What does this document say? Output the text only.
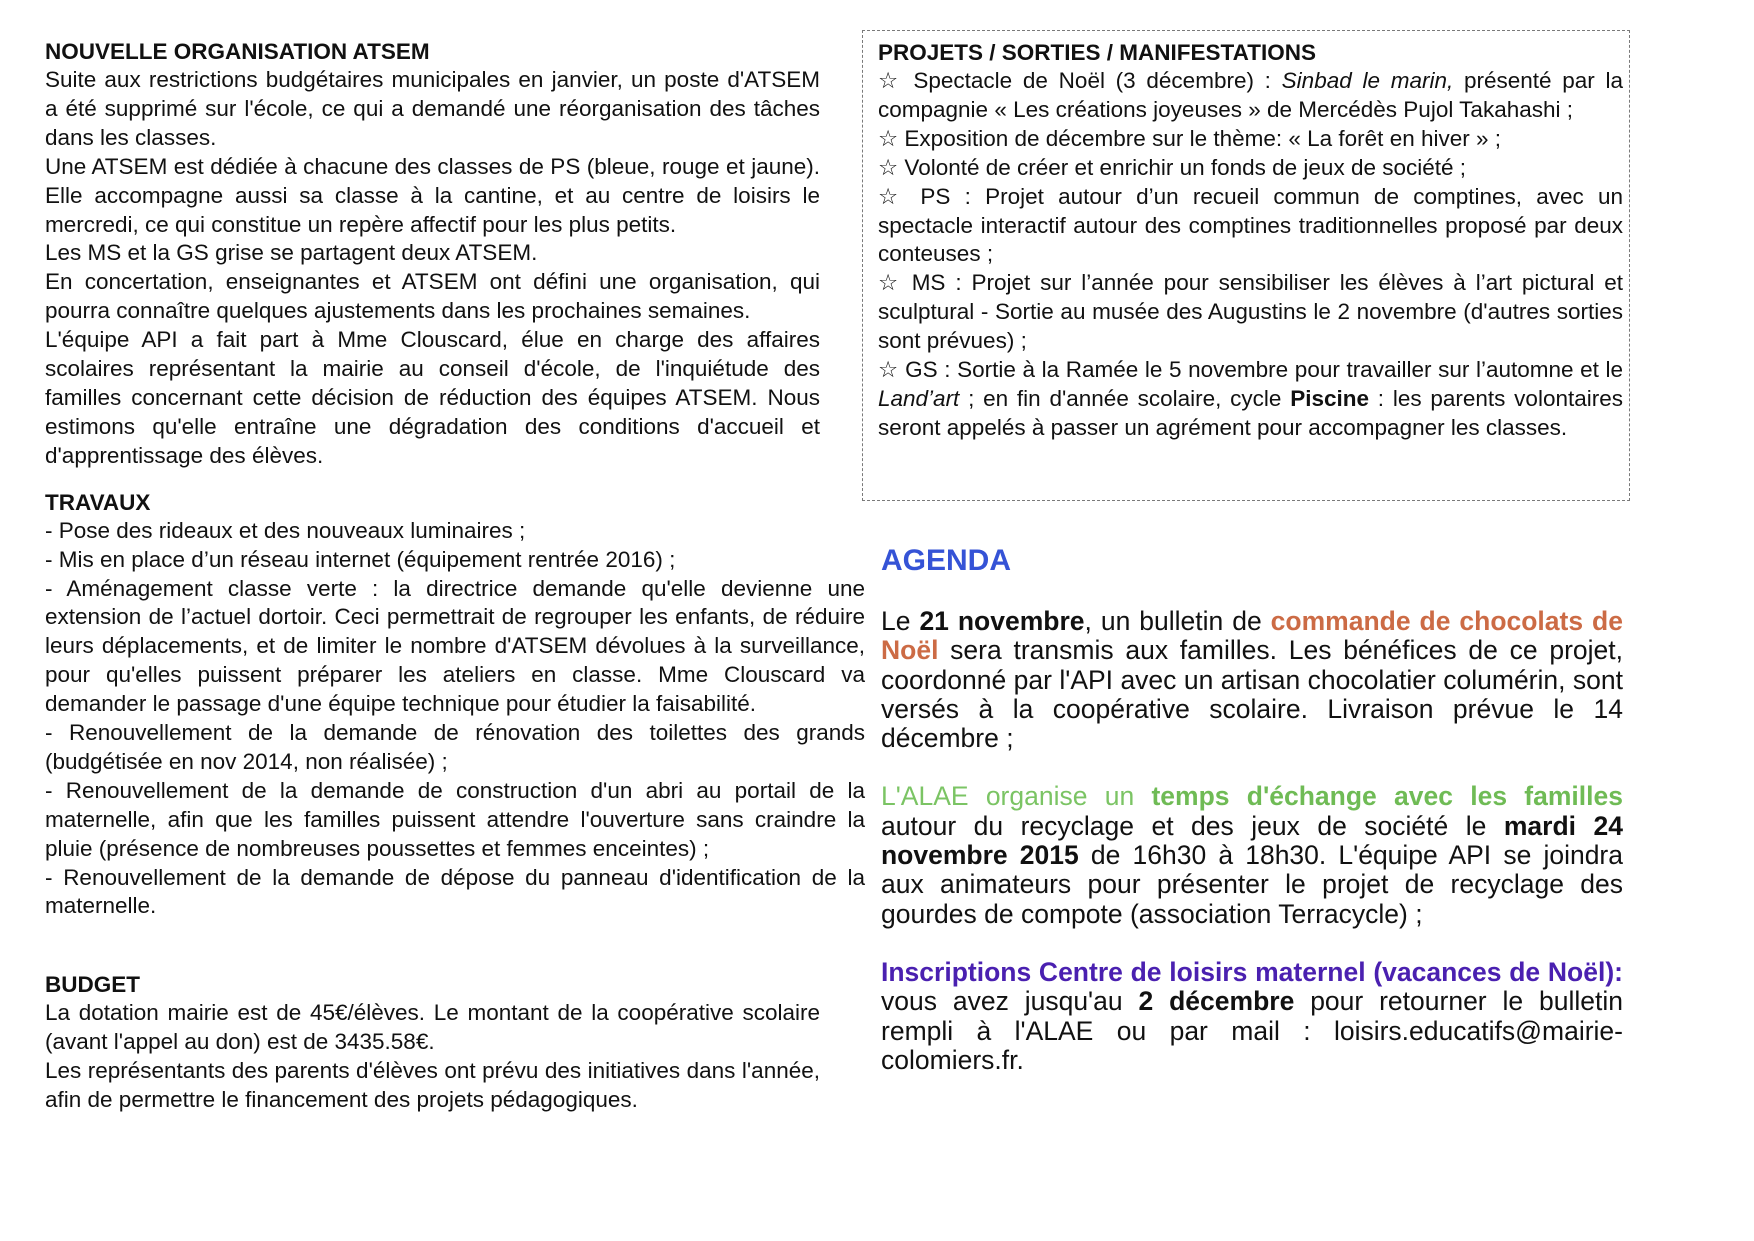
NOUVELLE ORGANISATION ATSEM

Suite aux restrictions budgétaires municipales en janvier, un poste d'ATSEM a été supprimé sur l'école, ce qui a demandé une réorganisation des tâches dans les classes.

Une ATSEM est dédiée à chacune des classes de PS (bleue, rouge et jaune). Elle accompagne aussi sa classe à la cantine, et au centre de loisirs le mercredi, ce qui constitue un repère affectif pour les plus petits.

Les MS et la GS grise se partagent deux ATSEM.

En concertation, enseignantes et ATSEM ont défini une organisation, qui pourra connaître quelques ajustements dans les prochaines semaines.

L'équipe API a fait part à Mme Clouscard, élue en charge des affaires scolaires représentant la mairie au conseil d'école, de l'inquiétude des familles concernant cette décision de réduction des équipes ATSEM. Nous estimons qu'elle entraîne une dégradation des conditions d'accueil et d'apprentissage des élèves.

TRAVAUX

- Pose des rideaux et des nouveaux luminaires ;

- Mis en place d’un réseau internet (équipement rentrée 2016) ;

- Aménagement classe verte : la directrice demande qu'elle devienne une extension de l’actuel dortoir. Ceci permettrait de regrouper les enfants, de réduire leurs déplacements, et de limiter le nombre d'ATSEM dévolues à la surveillance, pour qu'elles puissent préparer les ateliers en classe. Mme Clouscard va demander le passage d'une équipe technique pour étudier la faisabilité.

- Renouvellement de la demande de rénovation des toilettes des grands (budgétisée en nov 2014, non réalisée) ;

- Renouvellement de la demande de construction d'un abri au portail de la maternelle, afin que les familles puissent attendre l'ouverture sans craindre la pluie (présence de nombreuses poussettes et femmes enceintes) ;

- Renouvellement de la demande de dépose du panneau d'identification de la maternelle.

BUDGET

La dotation mairie est de 45€/élèves. Le montant de la coopérative scolaire (avant l'appel au don) est de 3435.58€.

Les représentants des parents d'élèves ont prévu des initiatives dans l'année, afin de permettre le financement des projets pédagogiques.

PROJETS / SORTIES / MANIFESTATIONS

☆ Spectacle de Noël (3 décembre) : Sinbad le marin, présenté par la compagnie « Les créations joyeuses » de Mercédès Pujol Takahashi ;

☆ Exposition de décembre sur le thème: « La forêt en hiver » ;

☆ Volonté de créer et enrichir un fonds de jeux de société ;

☆ PS : Projet autour d’un recueil commun de comptines, avec un spectacle interactif autour des comptines traditionnelles proposé par deux conteuses ;

☆ MS : Projet sur l’année pour sensibiliser les élèves à l’art pictural et sculptural - Sortie au musée des Augustins le 2 novembre (d'autres sorties sont prévues) ;

☆ GS : Sortie à la Ramée le 5 novembre pour travailler sur l’automne et le Land’art ; en fin d'année scolaire, cycle Piscine : les parents volontaires seront appelés à passer un agrément pour accompagner les classes.

AGENDA

Le 21 novembre, un bulletin de commande de chocolats de Noël sera transmis aux familles. Les bénéfices de ce projet, coordonné par l'API avec un artisan chocolatier columérin, sont versés à la coopérative scolaire. Livraison prévue le 14 décembre ;

L'ALAE organise un temps d'échange avec les familles autour du recyclage et des jeux de société le mardi 24 novembre 2015 de 16h30 à 18h30. L'équipe API se joindra aux animateurs pour présenter le projet de recyclage des gourdes de compote (association Terracycle) ;

Inscriptions Centre de loisirs maternel (vacances de Noël): vous avez jusqu'au 2 décembre pour retourner le bulletin rempli à l'ALAE ou par mail : loisirs.educatifs@mairie-colomiers.fr.
